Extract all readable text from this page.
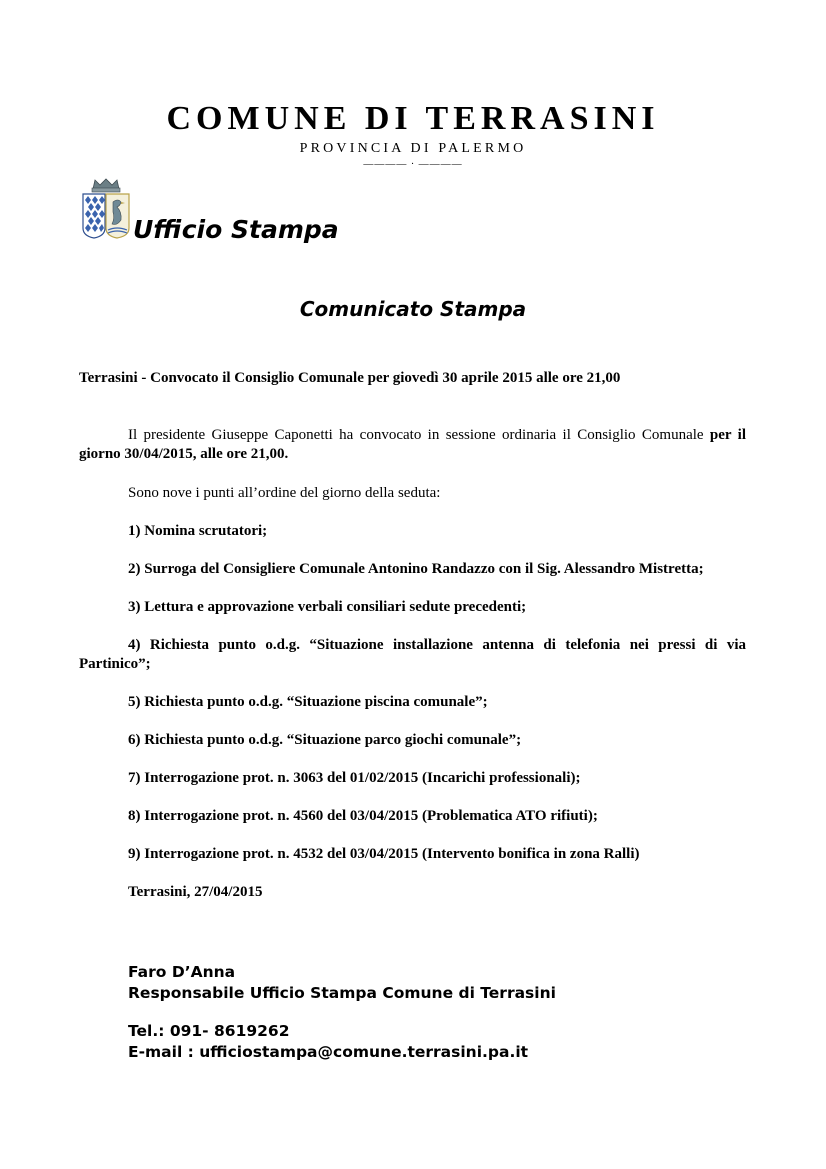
COMUNE DI TERRASINI
PROVINCIA DI PALERMO
———— · ————
Ufficio Stampa
Comunicato Stampa

Terrasini - Convocato il Consiglio Comunale per giovedì 30 aprile 2015 alle ore 21,00

Il presidente Giuseppe Caponetti ha convocato in sessione ordinaria il Consiglio Comunale per il giorno 30/04/2015, alle ore 21,00.

Sono nove i punti all’ordine del giorno della seduta:

1) Nomina scrutatori;

2) Surroga del Consigliere Comunale Antonino Randazzo con il Sig. Alessandro Mistretta;

3) Lettura e approvazione verbali consiliari sedute precedenti;

4) Richiesta punto o.d.g. “Situazione installazione antenna di telefonia nei pressi di via Partinico”;

5) Richiesta punto o.d.g. “Situazione piscina comunale”;

6) Richiesta punto o.d.g. “Situazione parco giochi comunale”;

7) Interrogazione prot. n. 3063 del 01/02/2015 (Incarichi professionali);

8) Interrogazione prot. n. 4560 del 03/04/2015 (Problematica ATO rifiuti);

9) Interrogazione prot. n. 4532 del 03/04/2015 (Intervento bonifica in zona Ralli)

Terrasini, 27/04/2015

Faro D’Anna
Responsabile Ufficio Stampa Comune di Terrasini
Tel.: 091- 8619262
E-mail : ufficiostampa@comune.terrasini.pa.it
